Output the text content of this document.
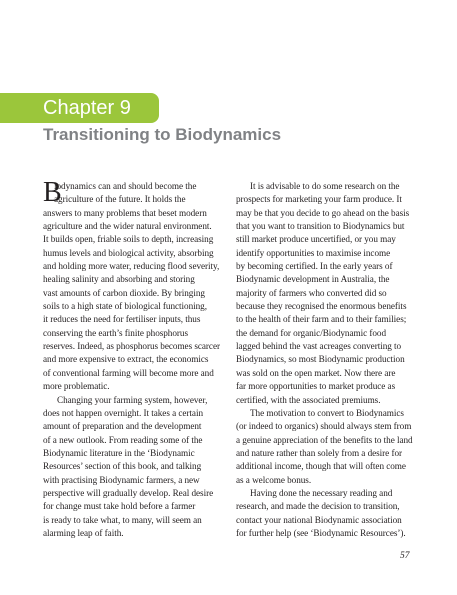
Chapter 9
Transitioning to Biodynamics
B
iodynamics can and should become the
agriculture of the future. It holds the
answers to many problems that beset modern
agriculture and the wider natural environment.
It builds open, friable soils to depth, increasing
humus levels and biological activity, absorbing
and holding more water, reducing flood severity,
healing salinity and absorbing and storing
vast amounts of carbon dioxide. By bringing
soils to a high state of biological functioning,
it reduces the need for fertiliser inputs, thus
conserving the earth’s finite phosphorus
reserves. Indeed, as phosphorus becomes scarcer
and more expensive to extract, the economics
of conventional farming will become more and
more problematic.
Changing your farming system, however,
does not happen overnight. It takes a certain
amount of preparation and the development
of a new outlook. From reading some of the
Biodynamic literature in the ‘Biodynamic
Resources’ section of this book, and talking
with practising Biodynamic farmers, a new
perspective will gradually develop. Real desire
for change must take hold before a farmer
is ready to take what, to many, will seem an
alarming leap of faith.
It is advisable to do some research on the
prospects for marketing your farm produce. It
may be that you decide to go ahead on the basis
that you want to transition to Biodynamics but
still market produce uncertified, or you may
identify opportunities to maximise income
by becoming certified. In the early years of
Biodynamic development in Australia, the
majority of farmers who converted did so
because they recognised the enormous benefits
to the health of their farm and to their families;
the demand for organic/Biodynamic food
lagged behind the vast acreages converting to
Biodynamics, so most Biodynamic production
was sold on the open market. Now there are
far more opportunities to market produce as
certified, with the associated premiums.
The motivation to convert to Biodynamics
(or indeed to organics) should always stem from
a genuine appreciation of the benefits to the land
and nature rather than solely from a desire for
additional income, though that will often come
as a welcome bonus.
Having done the necessary reading and
research, and made the decision to transition,
contact your national Biodynamic association
for further help (see ‘Biodynamic Resources’).
57
